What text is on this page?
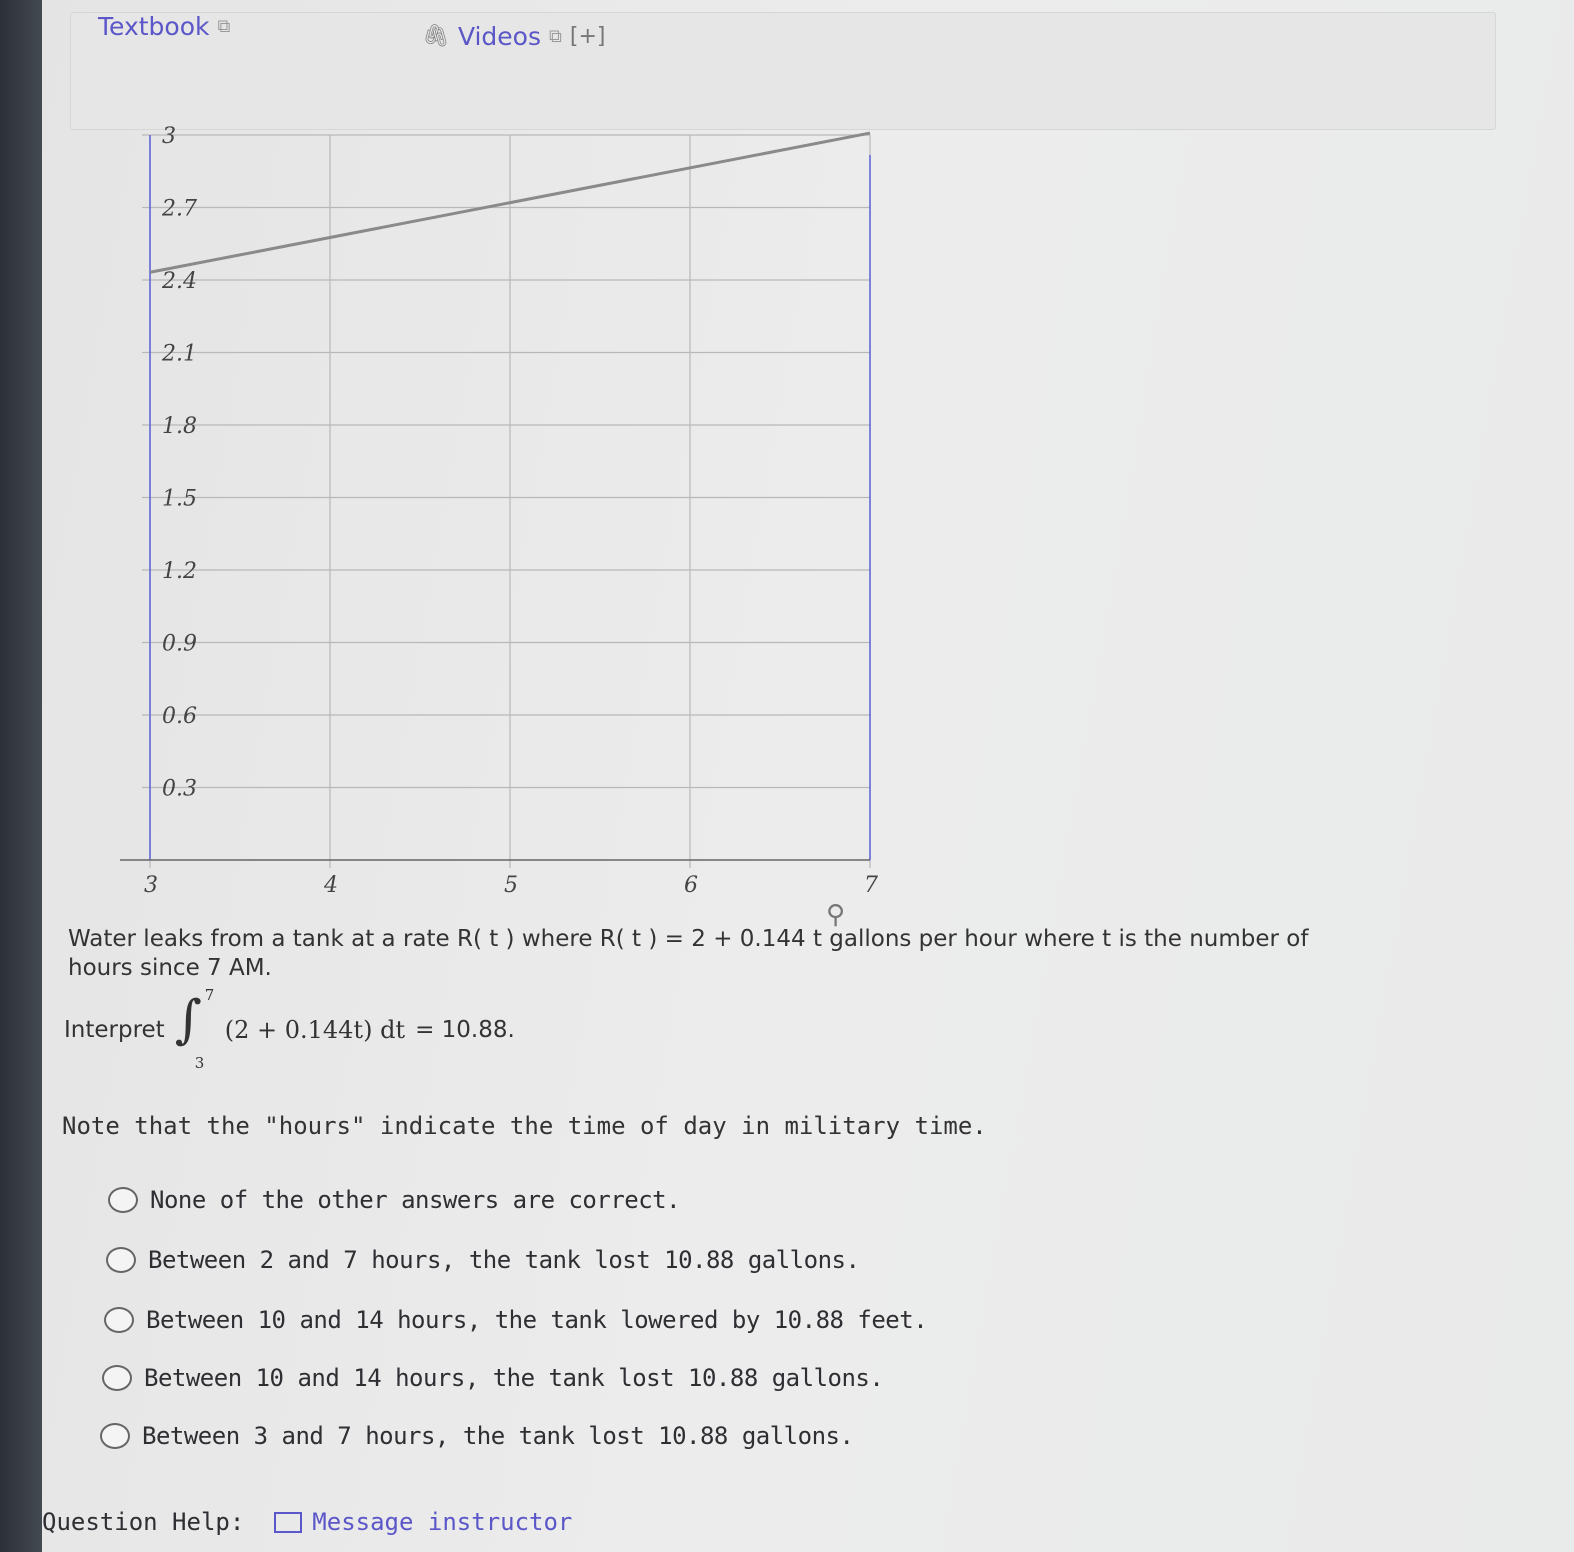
Textbook ⧉	🖇 Videos ⧉ [+]
0.3
0.6
0.9
1.2
1.5
1.8
2.1
2.4
2.7
3
3	4	5	6	7
⚲
Water leaks from a tank at a rate R( t ) where R( t ) = 2 + 0.144 t gallons per hour where t is the number of
hours since 7 AM.
Interpret ∫ 7
3
(2 + 0.144t) dt = 10.88.
Note that the "hours" indicate the time of day in military time.
None of the other answers are correct.
Between 2 and 7 hours, the tank lost 10.88 gallons.
Between 10 and 14 hours, the tank lowered by 10.88 feet.
Between 10 and 14 hours, the tank lost 10.88 gallons.
Between 3 and 7 hours, the tank lost 10.88 gallons.
Question Help:	Message instructor
